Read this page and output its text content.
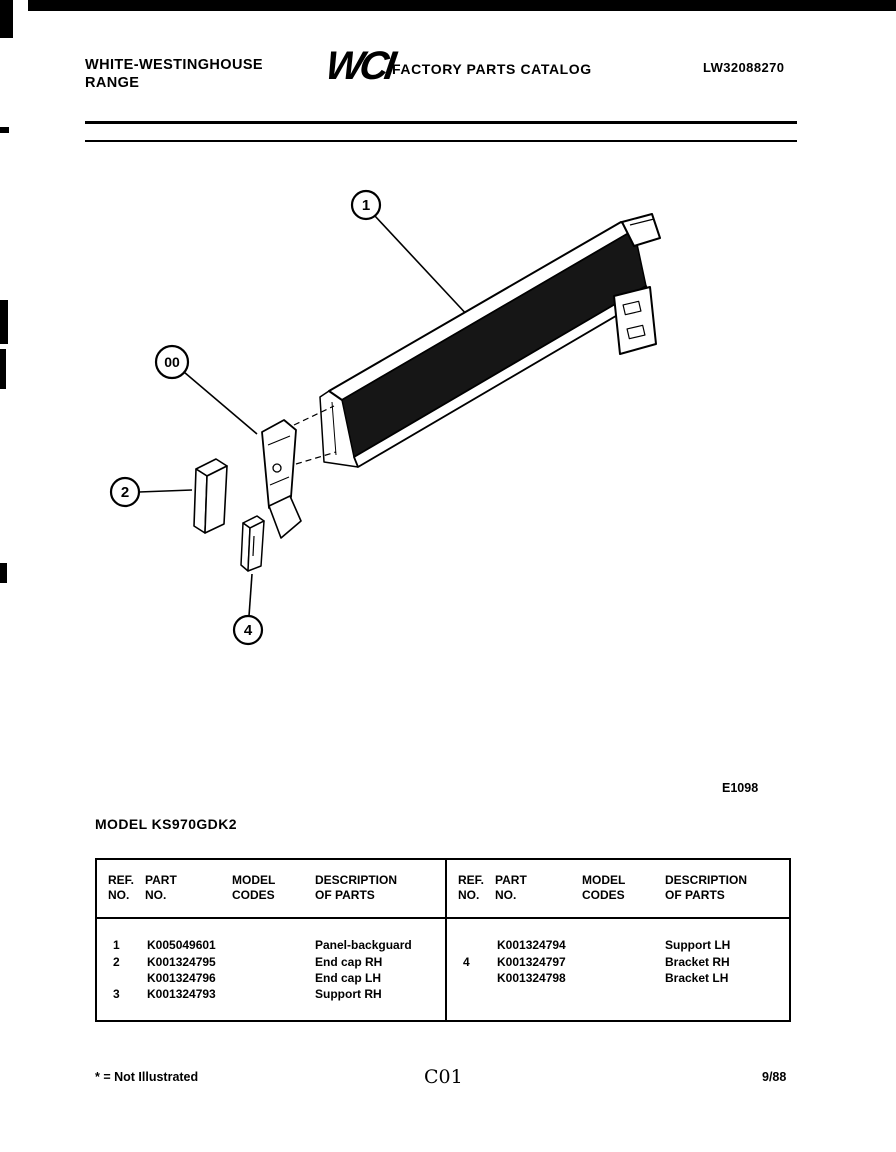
WHITE-WESTINGHOUSE
RANGE	WCI
FACTORY PARTS CATALOG	LW32088270
1
00
2
4
E1098
MODEL KS970GDK2
REF.
NO.
PART
NO.
MODEL
CODES
DESCRIPTION
OF PARTS
1 K005049601	Panel-backguard
2 K001324795	End cap RH
K001324796	End cap LH
3 K001324793	Support RH
REF.
NO.
PART
NO.
MODEL
CODES
DESCRIPTION
OF PARTS
K001324794	Support LH
4 K001324797	Bracket RH
K001324798	Bracket LH
* = Not Illustrated	C01	9/88
